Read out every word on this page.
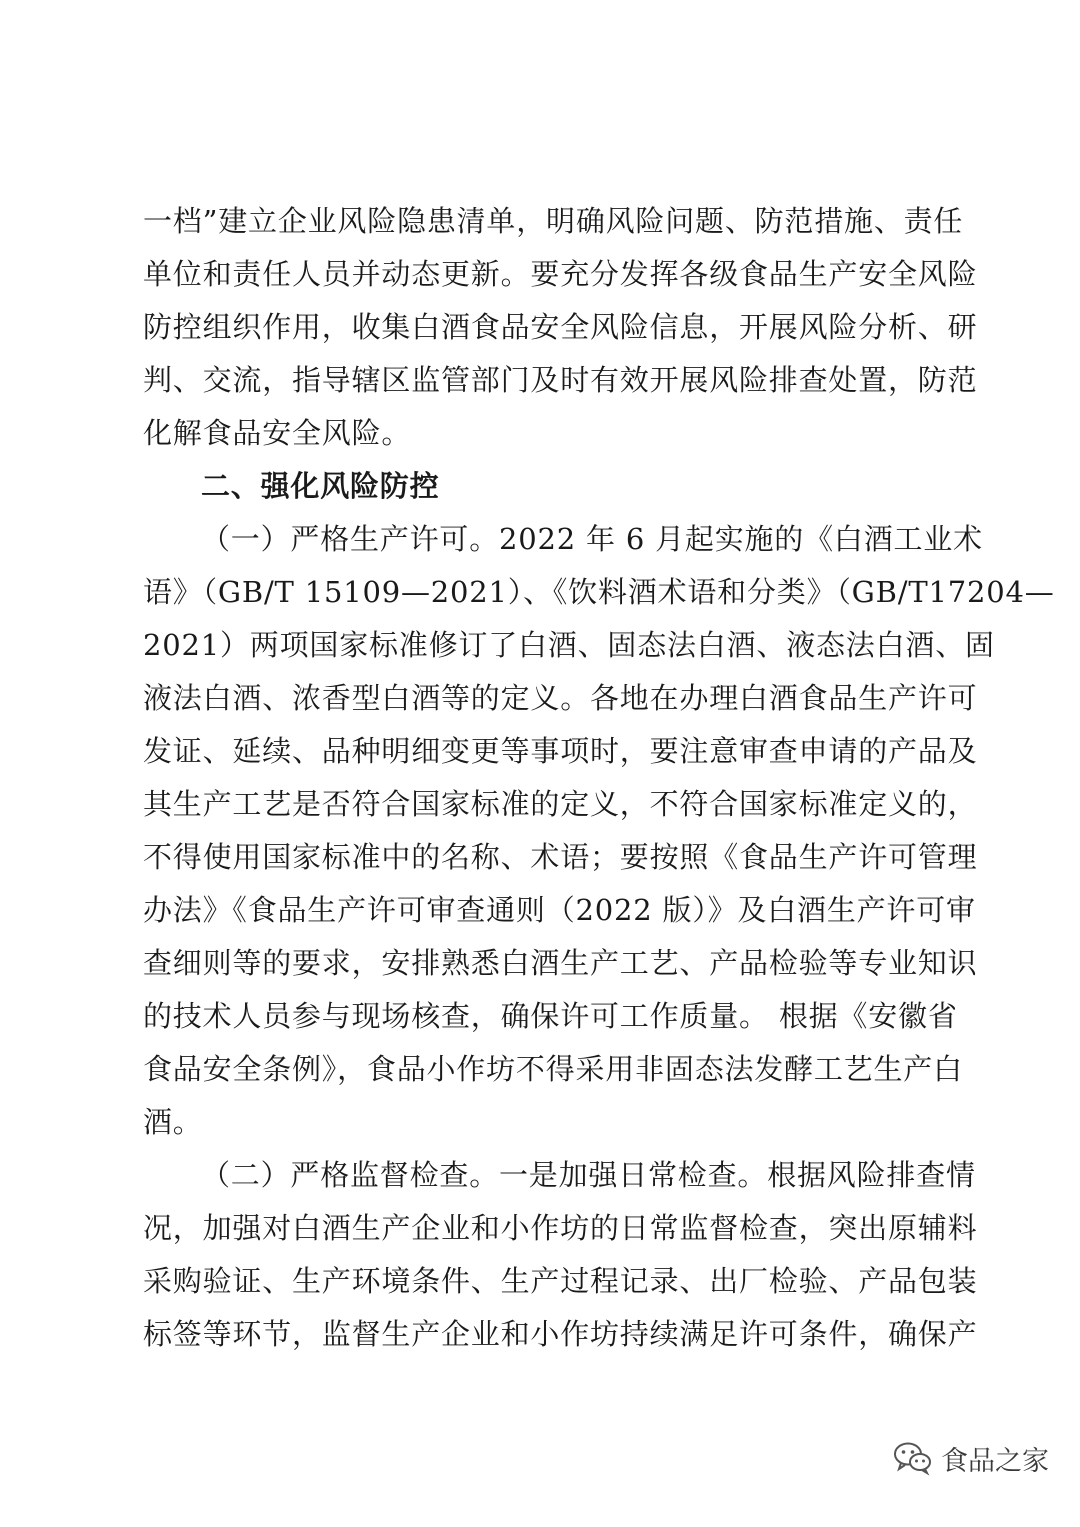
一档”建立企业风险隐患清单，明确风险问题、防范措施、责任
单位和责任人员并动态更新。要充分发挥各级食品生产安全风险
防控组织作用，收集白酒食品安全风险信息，开展风险分析、研
判、交流，指导辖区监管部门及时有效开展风险排查处置，防范
化解食品安全风险。
二、强化风险防控
（一）严格生产许可。2022 年 6 月起实施的《白酒工业术
语》（GB/T 15109—2021）、《饮料酒术语和分类》（GB/T17204—
2021）两项国家标准修订了白酒、固态法白酒、液态法白酒、固
液法白酒、浓香型白酒等的定义。各地在办理白酒食品生产许可
发证、延续、品种明细变更等事项时，要注意审查申请的产品及
其生产工艺是否符合国家标准的定义，不符合国家标准定义的，
不得使用国家标准中的名称、术语；要按照《食品生产许可管理
办法》《食品生产许可审查通则（2022 版）》及白酒生产许可审
查细则等的要求，安排熟悉白酒生产工艺、产品检验等专业知识
的技术人员参与现场核查，确保许可工作质量。 根据《安徽省
食品安全条例》，食品小作坊不得采用非固态法发酵工艺生产白
酒。
（二）严格监督检查。一是加强日常检查。根据风险排查情
况，加强对白酒生产企业和小作坊的日常监督检查，突出原辅料
采购验证、生产环境条件、生产过程记录、出厂检验、产品包装
标签等环节，监督生产企业和小作坊持续满足许可条件，确保产
食品之家
